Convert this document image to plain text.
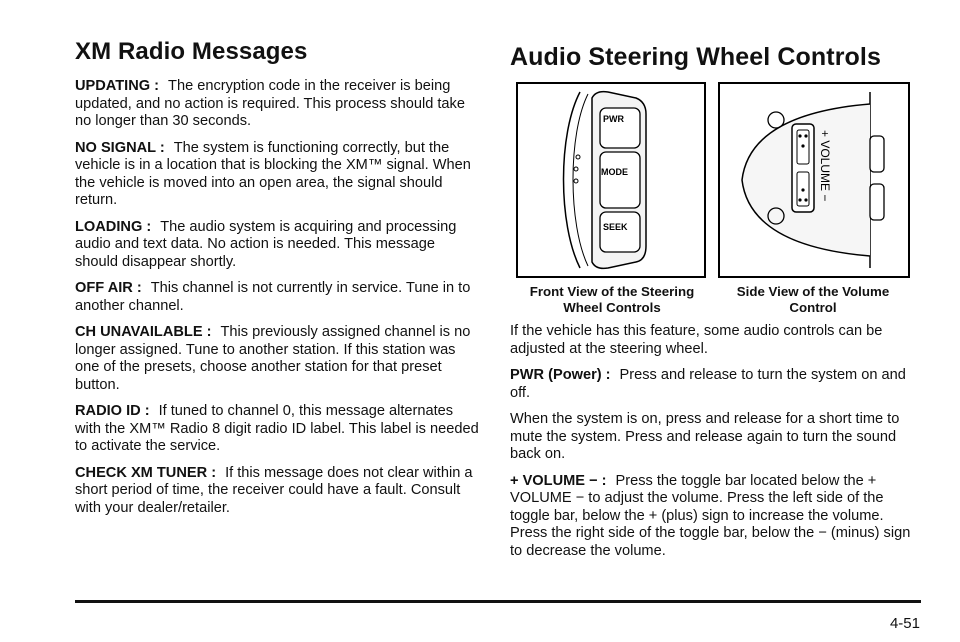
XM Radio Messages

UPDATING : The encryption code in the receiver is being updated, and no action is required. This process should take no longer than 30 seconds.

NO SIGNAL : The system is functioning correctly, but the vehicle is in a location that is blocking the XM™ signal. When the vehicle is moved into an open area, the signal should return.

LOADING : The audio system is acquiring and processing audio and text data. No action is needed. This message should disappear shortly.

OFF AIR : This channel is not currently in service. Tune in to another channel.

CH UNAVAILABLE : This previously assigned channel is no longer assigned. Tune to another station. If this station was one of the presets, choose another station for that preset button.

RADIO ID : If tuned to channel 0, this message alternates with the XM™ Radio 8 digit radio ID label. This label is needed to activate the service.

CHECK XM TUNER : If this message does not clear within a short period of time, the receiver could have a fault. Consult with your dealer/retailer.

Audio Steering Wheel Controls
PWR
MODE
SEEK
+ VOLUME −
Front View of the Steering Wheel Controls
Side View of the Volume Control

If the vehicle has this feature, some audio controls can be adjusted at the steering wheel.

PWR (Power) : Press and release to turn the system on and off.

When the system is on, press and release for a short time to mute the system. Press and release again to turn the sound back on.

+ VOLUME − : Press the toggle bar located below the + VOLUME − to adjust the volume. Press the left side of the toggle bar, below the + (plus) sign to increase the volume. Press the right side of the toggle bar, below the − (minus) sign to decrease the volume.

4-51
